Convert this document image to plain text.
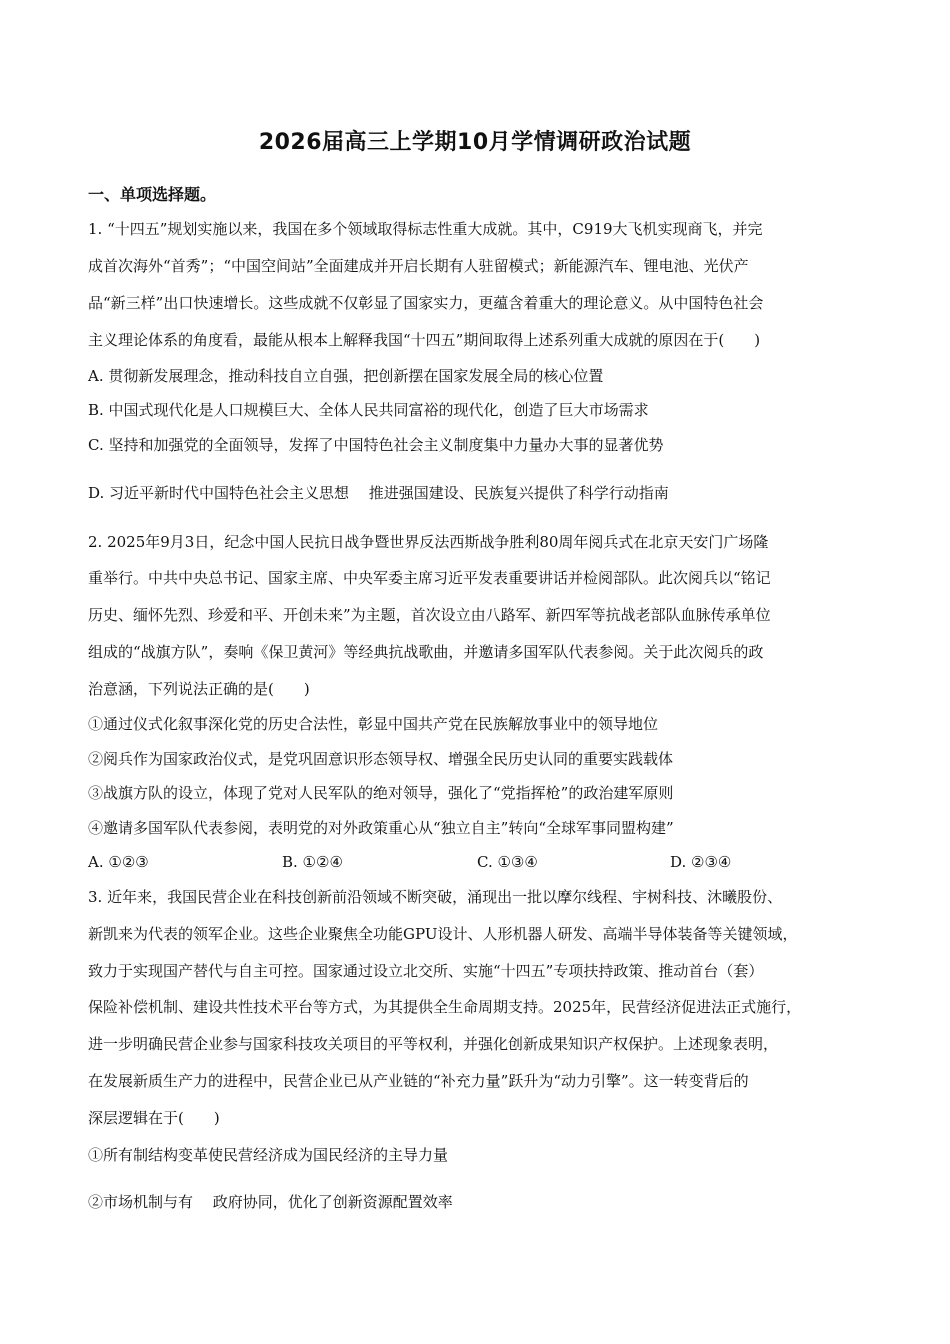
2026届高三上学期10月学情调研政治试题
一、单项选择题。
1. “十四五”规划实施以来，我国在多个领域取得标志性重大成就。其中，C919大飞机实现商飞，并完
成首次海外“首秀”；“中国空间站”全面建成并开启长期有人驻留模式；新能源汽车、锂电池、光伏产
品“新三样”出口快速增长。这些成就不仅彰显了国家实力，更蕴含着重大的理论意义。从中国特色社会
主义理论体系的角度看，最能从根本上解释我国“十四五”期间取得上述系列重大成就的原因在于(　　)
A. 贯彻新发展理念，推动科技自立自强，把创新摆在国家发展全局的核心位置
B. 中国式现代化是人口规模巨大、全体人民共同富裕的现代化，创造了巨大市场需求
C. 坚持和加强党的全面领导，发挥了中国特色社会主义制度集中力量办大事的显著优势
D. 习近平新时代中国特色社会主义思想　 推进强国建设、民族复兴提供了科学行动指南
2. 2025年9月3日，纪念中国人民抗日战争暨世界反法西斯战争胜利80周年阅兵式在北京天安门广场隆
重举行。中共中央总书记、国家主席、中央军委主席习近平发表重要讲话并检阅部队。此次阅兵以“铭记
历史、缅怀先烈、珍爱和平、开创未来”为主题，首次设立由八路军、新四军等抗战老部队血脉传承单位
组成的“战旗方队”，奏响《保卫黄河》等经典抗战歌曲，并邀请多国军队代表参阅。关于此次阅兵的政
治意涵，下列说法正确的是(　　)
①通过仪式化叙事深化党的历史合法性，彰显中国共产党在民族解放事业中的领导地位
②阅兵作为国家政治仪式，是党巩固意识形态领导权、增强全民历史认同的重要实践载体
③战旗方队的设立，体现了党对人民军队的绝对领导，强化了“党指挥枪”的政治建军原则
④邀请多国军队代表参阅，表明党的对外政策重心从“独立自主”转向“全球军事同盟构建”
A. ①②③	B. ①②④	C. ①③④	D. ②③④
3. 近年来，我国民营企业在科技创新前沿领域不断突破，涌现出一批以摩尔线程、宇树科技、沐曦股份、
新凯来为代表的领军企业。这些企业聚焦全功能GPU设计、人形机器人研发、高端半导体装备等关键领域，
致力于实现国产替代与自主可控。国家通过设立北交所、实施“十四五”专项扶持政策、推动首台（套）
保险补偿机制、建设共性技术平台等方式，为其提供全生命周期支持。2025年，民营经济促进法正式施行，
进一步明确民营企业参与国家科技攻关项目的平等权利，并强化创新成果知识产权保护。上述现象表明，
在发展新质生产力的进程中，民营企业已从产业链的“补充力量”跃升为“动力引擎”。这一转变背后的
深层逻辑在于(　　)
①所有制结构变革使民营经济成为国民经济的主导力量
②市场机制与有　 政府协同，优化了创新资源配置效率
